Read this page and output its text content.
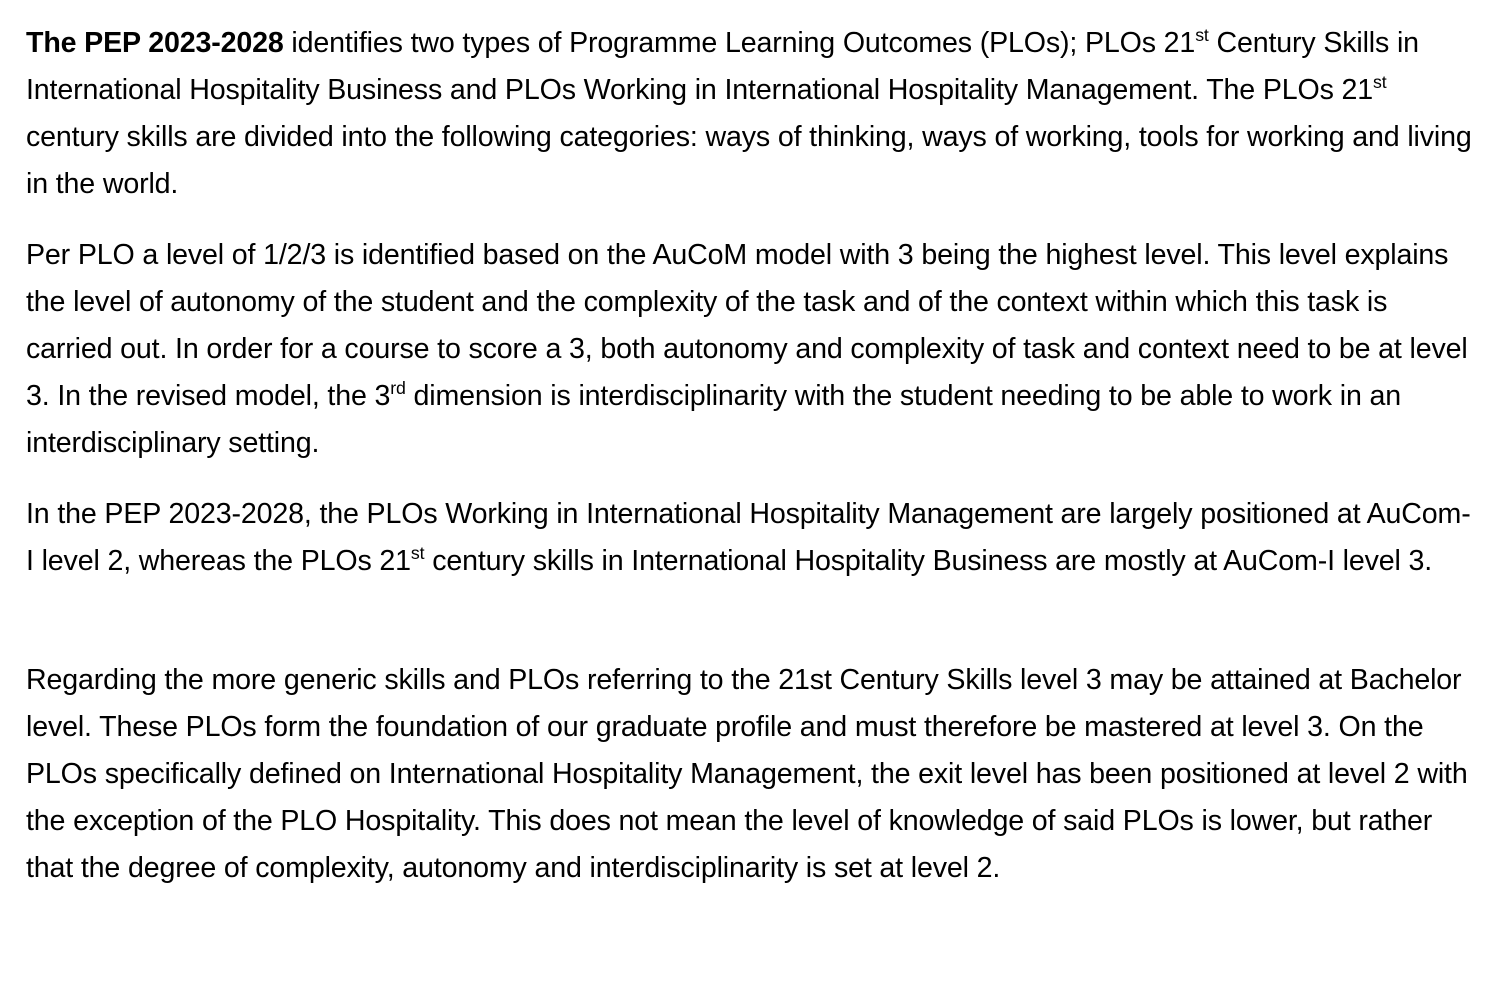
The PEP 2023-2028 identifies two types of Programme Learning Outcomes (PLOs); PLOs 21st Century Skills in International Hospitality Business and PLOs Working in International Hospitality Management. The PLOs 21st century skills are divided into the following categories: ways of thinking, ways of working, tools for working and living in the world.

Per PLO a level of 1/2/3 is identified based on the AuCoM model with 3 being the highest level. This level explains the level of autonomy of the student and the complexity of the task and of the context within which this task is carried out. In order for a course to score a 3, both autonomy and complexity of task and context need to be at level 3. In the revised model, the 3rd dimension is interdisciplinarity with the student needing to be able to work in an interdisciplinary setting.

In the PEP 2023-2028, the PLOs Working in International Hospitality Management are largely positioned at AuCom-I level 2, whereas the PLOs 21st century skills in International Hospitality Business are mostly at AuCom-I level 3.

Regarding the more generic skills and PLOs referring to the 21st Century Skills level 3 may be attained at Bachelor level. These PLOs form the foundation of our graduate profile and must therefore be mastered at level 3. On the PLOs specifically defined on International Hospitality Management, the exit level has been positioned at level 2 with the exception of the PLO Hospitality. This does not mean the level of knowledge of said PLOs is lower, but rather that the degree of complexity, autonomy and interdisciplinarity is set at level 2.
